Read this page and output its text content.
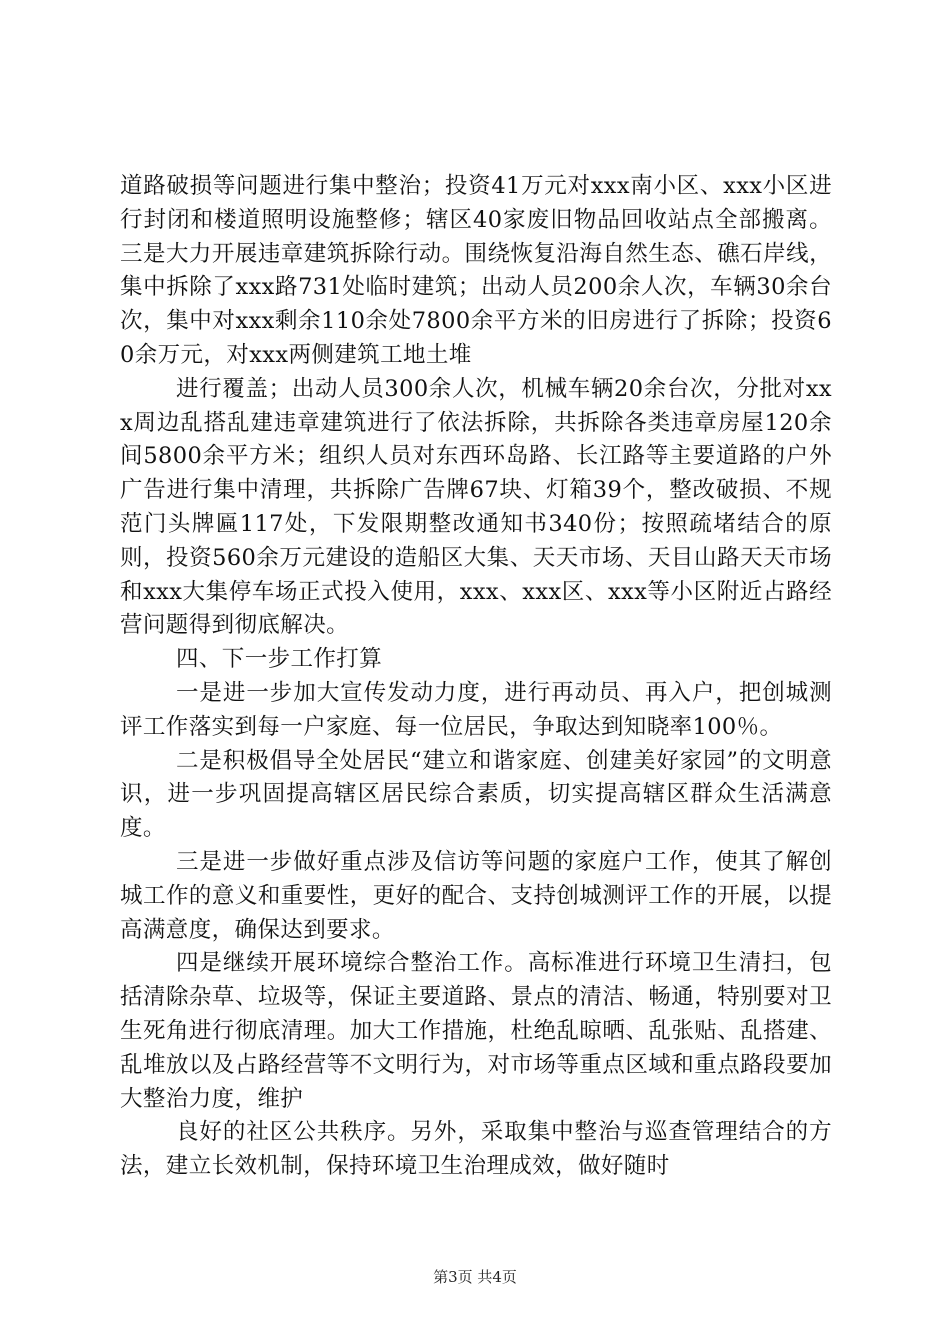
道路破损等问题进行集中整治；投资41万元对xxx南小区、xxx小区进行封闭和楼道照明设施整修；辖区40家废旧物品回收站点全部搬离。三是大力开展违章建筑拆除行动。围绕恢复沿海自然生态、礁石岸线，集中拆除了xxx路731处临时建筑；出动人员200余人次，车辆30余台次，集中对xxx剩余110余处7800余平方米的旧房进行了拆除；投资60余万元，对xxx两侧建筑工地土堆

进行覆盖；出动人员300余人次，机械车辆20余台次，分批对xxx周边乱搭乱建违章建筑进行了依法拆除，共拆除各类违章房屋120余间5800余平方米；组织人员对东西环岛路、长江路等主要道路的户外广告进行集中清理，共拆除广告牌67块、灯箱39个，整改破损、不规范门头牌匾117处，下发限期整改通知书340份；按照疏堵结合的原则，投资560余万元建设的造船区大集、天天市场、天目山路天天市场和xxx大集停车场正式投入使用，xxx、xxx区、xxx等小区附近占路经营问题得到彻底解决。

四、下一步工作打算

一是进一步加大宣传发动力度，进行再动员、再入户，把创城测评工作落实到每一户家庭、每一位居民，争取达到知晓率100％。

二是积极倡导全处居民“建立和谐家庭、创建美好家园”的文明意识，进一步巩固提高辖区居民综合素质，切实提高辖区群众生活满意度。

三是进一步做好重点涉及信访等问题的家庭户工作，使其了解创城工作的意义和重要性，更好的配合、支持创城测评工作的开展，以提高满意度，确保达到要求。

四是继续开展环境综合整治工作。高标准进行环境卫生清扫，包括清除杂草、垃圾等，保证主要道路、景点的清洁、畅通，特别要对卫生死角进行彻底清理。加大工作措施，杜绝乱晾晒、乱张贴、乱搭建、乱堆放以及占路经营等不文明行为，对市场等重点区域和重点路段要加大整治力度，维护

良好的社区公共秩序。另外，采取集中整治与巡查管理结合的方法，建立长效机制，保持环境卫生治理成效，做好随时

第3页 共4页
